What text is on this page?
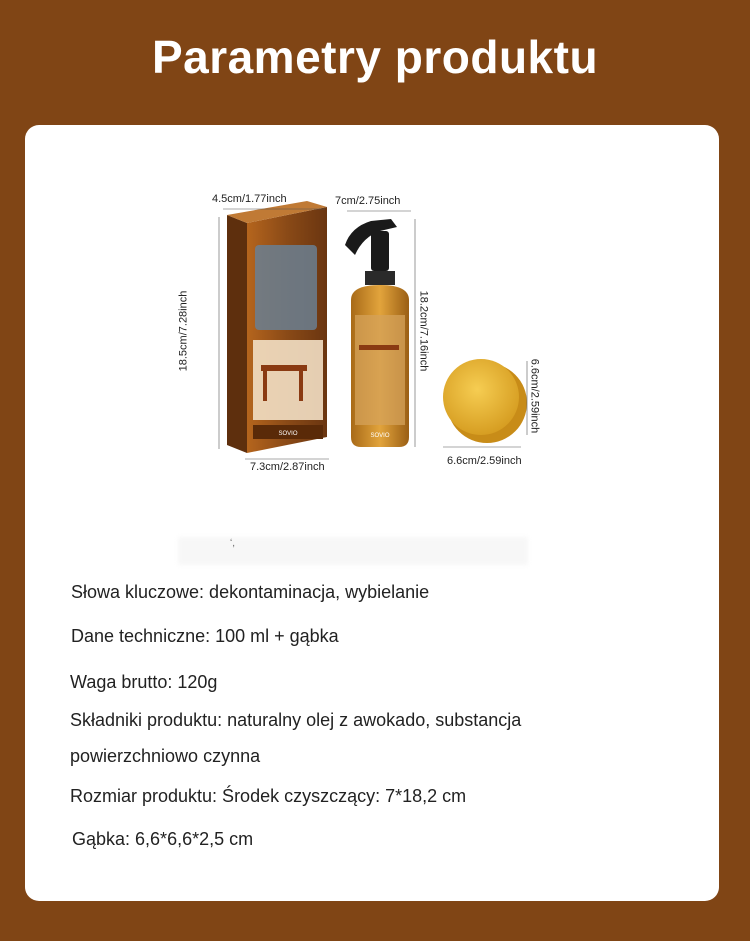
Parametry produktu
SOVIO	SOVIO
4.5cm/1.77inch
18.5cm/7.28inch
7.3cm/2.87inch
7cm/2.75inch
18.2cm/7.16inch
6.6cm/2.59inch
6.6cm/2.59inch
ʻ,
Słowa kluczowe: dekontaminacja, wybielanie
Dane techniczne: 100 ml + gąbka
Waga brutto: 120g
Składniki produktu: naturalny olej z awokado, substancja
powierzchniowo czynna
Rozmiar produktu: Środek czyszczący: 7*18,2 cm
Gąbka: 6,6*6,6*2,5 cm
